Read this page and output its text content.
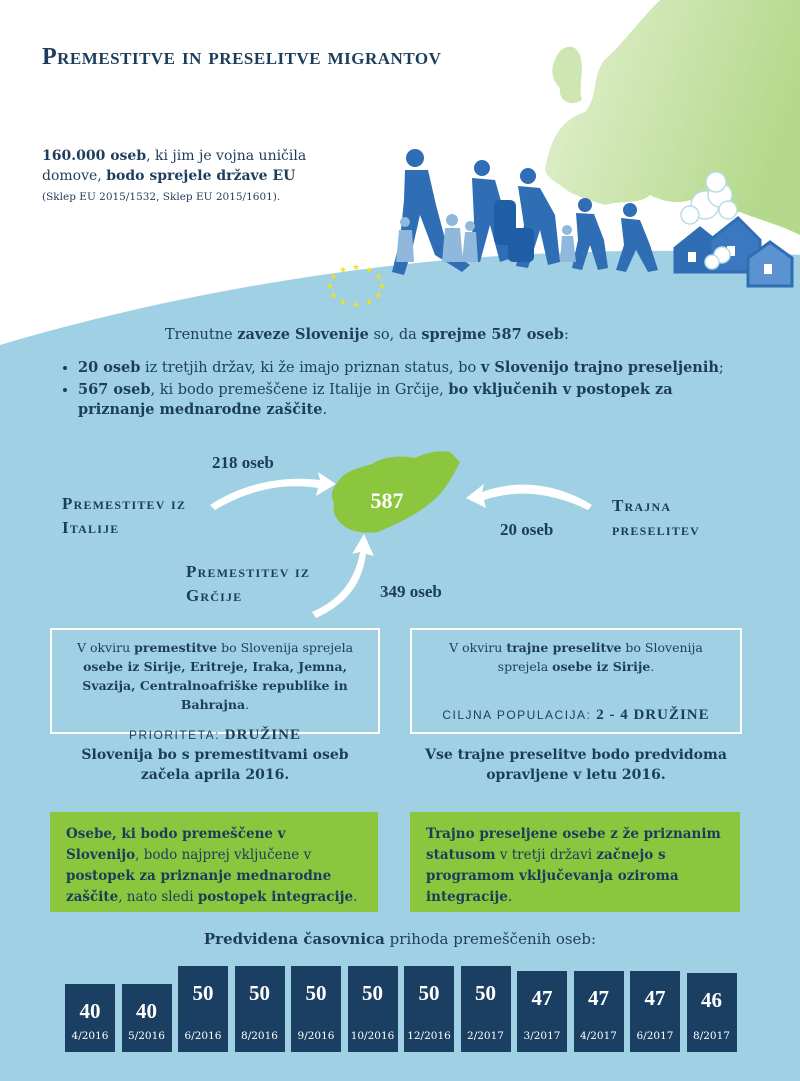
Premestitve in preselitve migrantov
160.000 oseb, ki jim je vojna uničila domove, bodo sprejele države EU
(Sklep EU 2015/1532, Sklep EU 2015/1601).
Trenutne zaveze Slovenije so, da sprejme 587 oseb:
• 20 oseb iz tretjih držav, ki že imajo priznan status, bo v Slovenijo trajno preseljenih;
• 567 oseb, ki bodo premeščene iz Italije in Grčije, bo vključenih v postopek za priznanje mednarodne zaščite.
218 oseb
Premestitev iz Italije
587
20 oseb
Trajna preselitev
Premestitev iz Grčije	349 oseb
V okviru premestitve bo Slovenija sprejela osebe iz Sirije, Eritreje, Iraka, Jemna, Svazija, Centralnoafriške republike in Bahrajna.
PRIORITETA: DRUŽINE
V okviru trajne preselitve bo Slovenija sprejela osebe iz Sirije.
CILJNA POPULACIJA: 2 - 4 DRUŽINE
Slovenija bo s premestitvami oseb začela aprila 2016.
Vse trajne preselitve bodo predvidoma opravljene v letu 2016.
Osebe, ki bodo premeščene v Slovenijo, bodo najprej vključene v postopek za priznanje mednarodne zaščite, nato sledi postopek integracije.
Trajno preseljene osebe z že priznanim statusom v tretji državi začnejo s programom vključevanja oziroma integracije.
Predvidena časovnica prihoda premeščenih oseb:
40
4/2016
40
5/2016
50
6/2016
50
8/2016
50
9/2016
50
10/2016
50
12/2016
50
2/2017
47
3/2017
47
4/2017
47
6/2017
46
8/2017
